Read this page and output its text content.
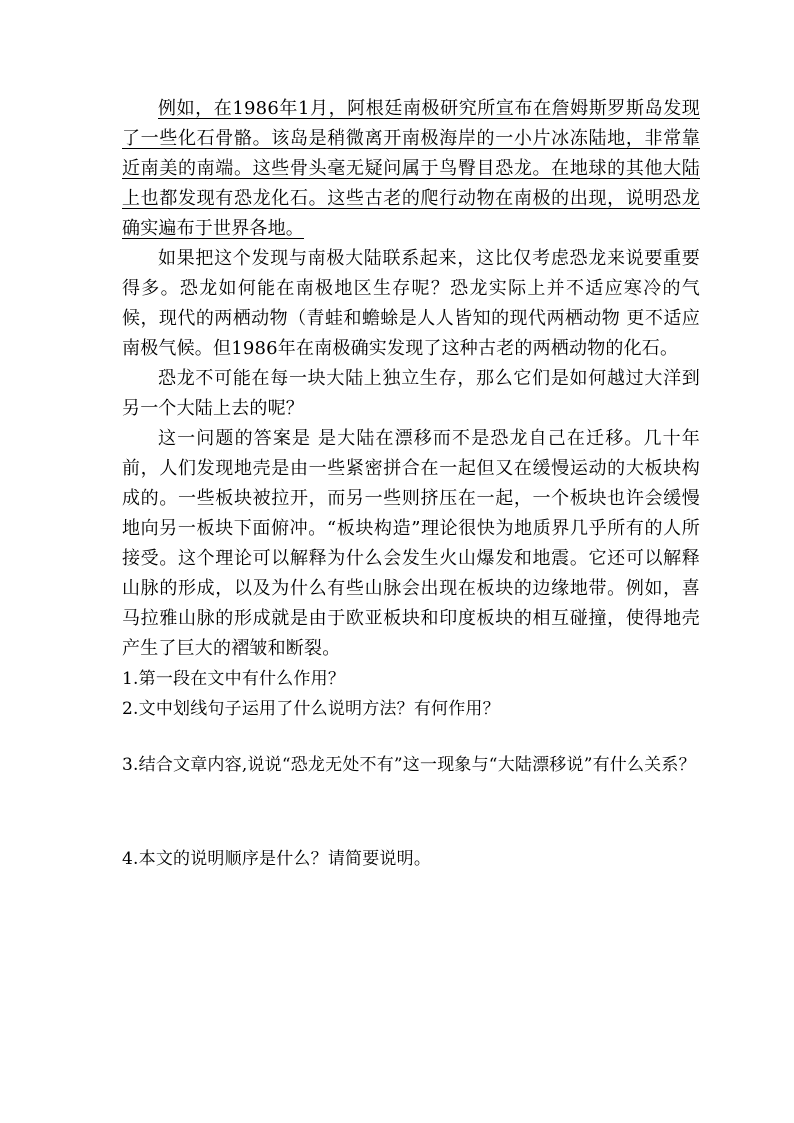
例如，在1986年1月，阿根廷南极研究所宣布在詹姆斯罗斯岛发现了一些化石骨骼。该岛是稍微离开南极海岸的一小片冰冻陆地，非常靠近南美的南端。这些骨头毫无疑问属于鸟臀目恐龙。在地球的其他大陆上也都发现有恐龙化石。这些古老的爬行动物在南极的出现，说明恐龙确实遍布于世界各地。

如果把这个发现与南极大陆联系起来，这比仅考虑恐龙来说要重要得多。恐龙如何能在南极地区生存呢？恐龙实际上并不适应寒冷的气候，现代的两栖动物（青蛙和蟾蜍是人人皆知的现代两栖动物 更不适应南极气候。但1986年在南极确实发现了这种古老的两栖动物的化石。

恐龙不可能在每一块大陆上独立生存，那么它们是如何越过大洋到另一个大陆上去的呢？

这一问题的答案是 是大陆在漂移而不是恐龙自己在迁移。几十年前，人们发现地壳是由一些紧密拼合在一起但又在缓慢运动的大板块构成的。一些板块被拉开，而另一些则挤压在一起，一个板块也许会缓慢地向另一板块下面俯冲。“板块构造”理论很快为地质界几乎所有的人所接受。这个理论可以解释为什么会发生火山爆发和地震。它还可以解释山脉的形成，以及为什么有些山脉会出现在板块的边缘地带。例如，喜马拉雅山脉的形成就是由于欧亚板块和印度板块的相互碰撞，使得地壳产生了巨大的褶皱和断裂。

1.第一段在文中有什么作用？

2.文中划线句子运用了什么说明方法？有何作用？

3.结合文章内容,说说“恐龙无处不有”这一现象与“大陆漂移说”有什么关系？

4.本文的说明顺序是什么？请简要说明。
